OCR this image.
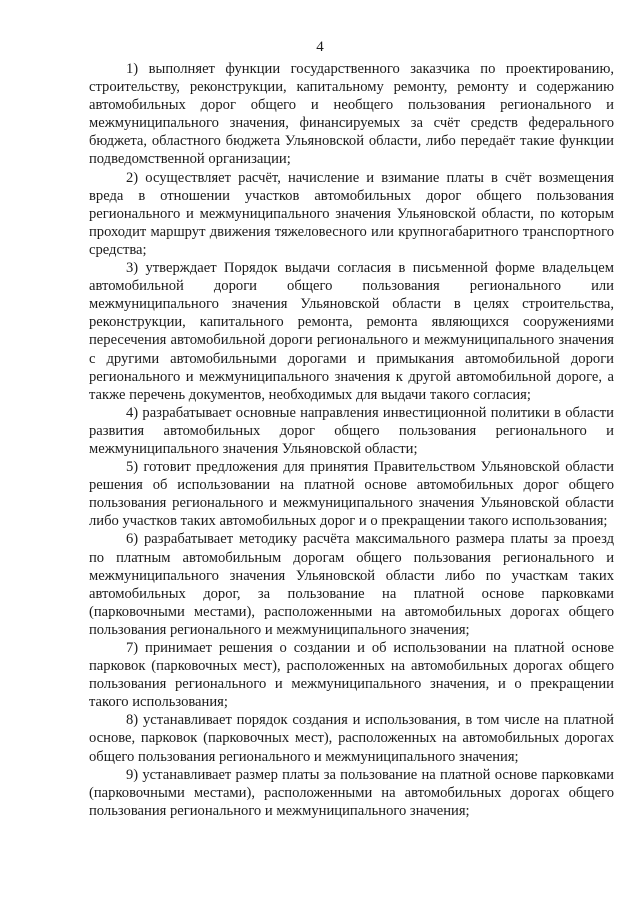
4

1) выполняет функции государственного заказчика по проектированию, строительству, реконструкции, капитальному ремонту, ремонту и содержанию автомобильных дорог общего и необщего пользования регионального и межмуниципального значения, финансируемых за счёт средств федерального бюджета, областного бюджета Ульяновской области, либо передаёт такие функции подведомственной организации;

2) осуществляет расчёт, начисление и взимание платы в счёт возмещения вреда в отношении участков автомобильных дорог общего пользования регионального и межмуниципального значения Ульяновской области, по которым проходит маршрут движения тяжеловесного или крупногабаритного транспортного средства;

3) утверждает Порядок выдачи согласия в письменной форме владельцем автомобильной дороги общего пользования регионального или межмуниципального значения Ульяновской области в целях строительства, реконструкции, капитального ремонта, ремонта являющихся сооружениями пересечения автомобильной дороги регионального и межмуниципального значения с другими автомобильными дорогами и примыкания автомобильной дороги регионального и межмуниципального значения к другой автомобильной дороге, а также перечень документов, необходимых для выдачи такого согласия;

4) разрабатывает основные направления инвестиционной политики в области развития автомобильных дорог общего пользования регионального и межмуниципального значения Ульяновской области;

5) готовит предложения для принятия Правительством Ульяновской области решения об использовании на платной основе автомобильных дорог общего пользования регионального и межмуниципального значения Ульяновской области либо участков таких автомобильных дорог и о прекращении такого использования;

6) разрабатывает методику расчёта максимального размера платы за проезд по платным автомобильным дорогам общего пользования регионального и межмуниципального значения Ульяновской области либо по участкам таких автомобильных дорог, за пользование на платной основе парковками (парковочными местами), расположенными на автомобильных дорогах общего пользования регионального и межмуниципального значения;

7) принимает решения о создании и об использовании на платной основе парковок (парковочных мест), расположенных на автомобильных дорогах общего пользования регионального и межмуниципального значения, и о прекращении такого использования;

8) устанавливает порядок создания и использования, в том числе на платной основе, парковок (парковочных мест), расположенных на автомобильных дорогах общего пользования регионального и межмуниципального значения;

9) устанавливает размер платы за пользование на платной основе парковками (парковочными местами), расположенными на автомобильных дорогах общего пользования регионального и межмуниципального значения;
